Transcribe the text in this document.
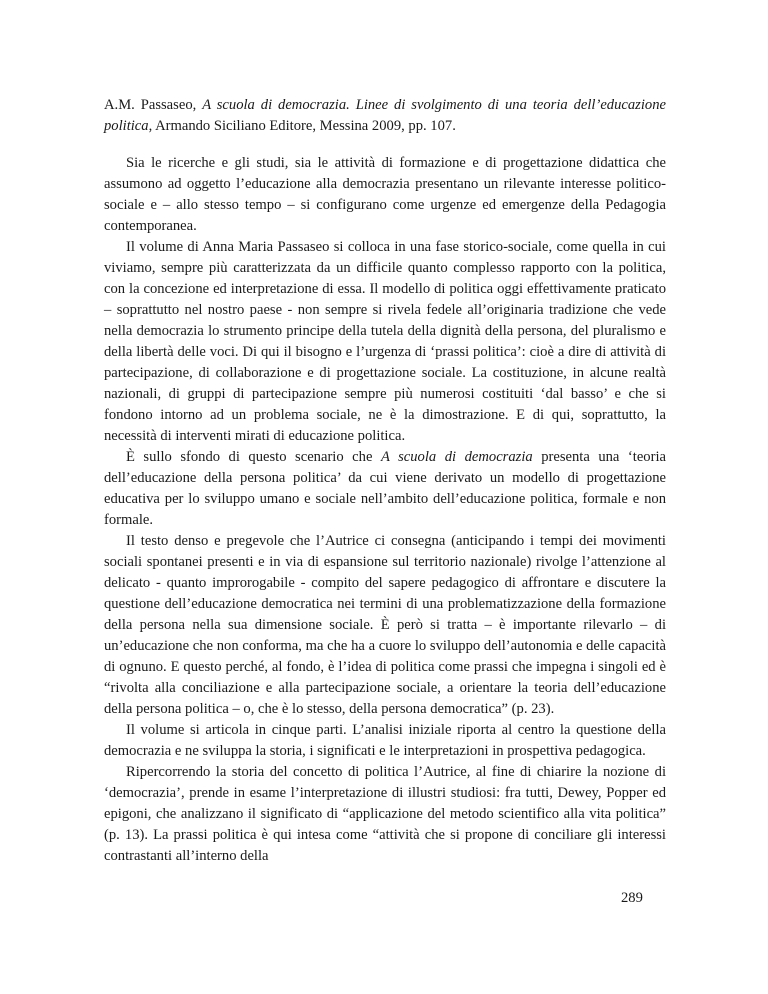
A.M. Passaseo, A scuola di democrazia. Linee di svolgimento di una teoria dell’educazione politica, Armando Siciliano Editore, Messina 2009, pp. 107.

Sia le ricerche e gli studi, sia le attività di formazione e di progettazione didattica che assumono ad oggetto l’educazione alla democrazia presentano un rilevante interesse politico-sociale e – allo stesso tempo – si configurano come urgenze ed emergenze della Pedagogia contemporanea.

Il volume di Anna Maria Passaseo si colloca in una fase storico-sociale, come quella in cui viviamo, sempre più caratterizzata da un difficile quanto complesso rapporto con la politica, con la concezione ed interpretazione di essa. Il modello di politica oggi effettivamente praticato – soprattutto nel nostro paese - non sempre si rivela fedele all’originaria tradizione che vede nella democrazia lo strumento principe della tutela della dignità della persona, del pluralismo e della libertà delle voci. Di qui il bisogno e l’urgenza di ‘prassi politica’: cioè a dire di attività di partecipazione, di collaborazione e di progettazione sociale. La costituzione, in alcune realtà nazionali, di gruppi di partecipazione sempre più numerosi costituiti ‘dal basso’ e che si fondono intorno ad un problema sociale, ne è la dimostrazione. E di qui, soprattutto, la necessità di interventi mirati di educazione politica.

È sullo sfondo di questo scenario che A scuola di democrazia presenta una ‘teoria dell’educazione della persona politica’ da cui viene derivato un modello di progettazione educativa per lo sviluppo umano e sociale nell’ambito dell’educazione politica, formale e non formale.

Il testo denso e pregevole che l’Autrice ci consegna (anticipando i tempi dei movimenti sociali spontanei presenti e in via di espansione sul territorio nazionale) rivolge l’attenzione al delicato - quanto improrogabile - compito del sapere pedagogico di affrontare e discutere la questione dell’educazione democratica nei termini di una problematizzazione della formazione della persona nella sua dimensione sociale. È però si tratta – è importante rilevarlo – di un’educazione che non conforma, ma che ha a cuore lo sviluppo dell’autonomia e delle capacità di ognuno. E questo perché, al fondo, è l’idea di politica come prassi che impegna i singoli ed è “rivolta alla conciliazione e alla partecipazione sociale, a orientare la teoria dell’educazione della persona politica – o, che è lo stesso, della persona democratica” (p. 23).

Il volume si articola in cinque parti. L’analisi iniziale riporta al centro la questione della democrazia e ne sviluppa la storia, i significati e le interpretazioni in prospettiva pedagogica.

Ripercorrendo la storia del concetto di politica l’Autrice, al fine di chiarire la nozione di ‘democrazia’, prende in esame l’interpretazione di illustri studiosi: fra tutti, Dewey, Popper ed epigoni, che analizzano il significato di “applicazione del metodo scientifico alla vita politica” (p. 13). La prassi politica è qui intesa come “attività che si propone di conciliare gli interessi contrastanti all’interno della

289
